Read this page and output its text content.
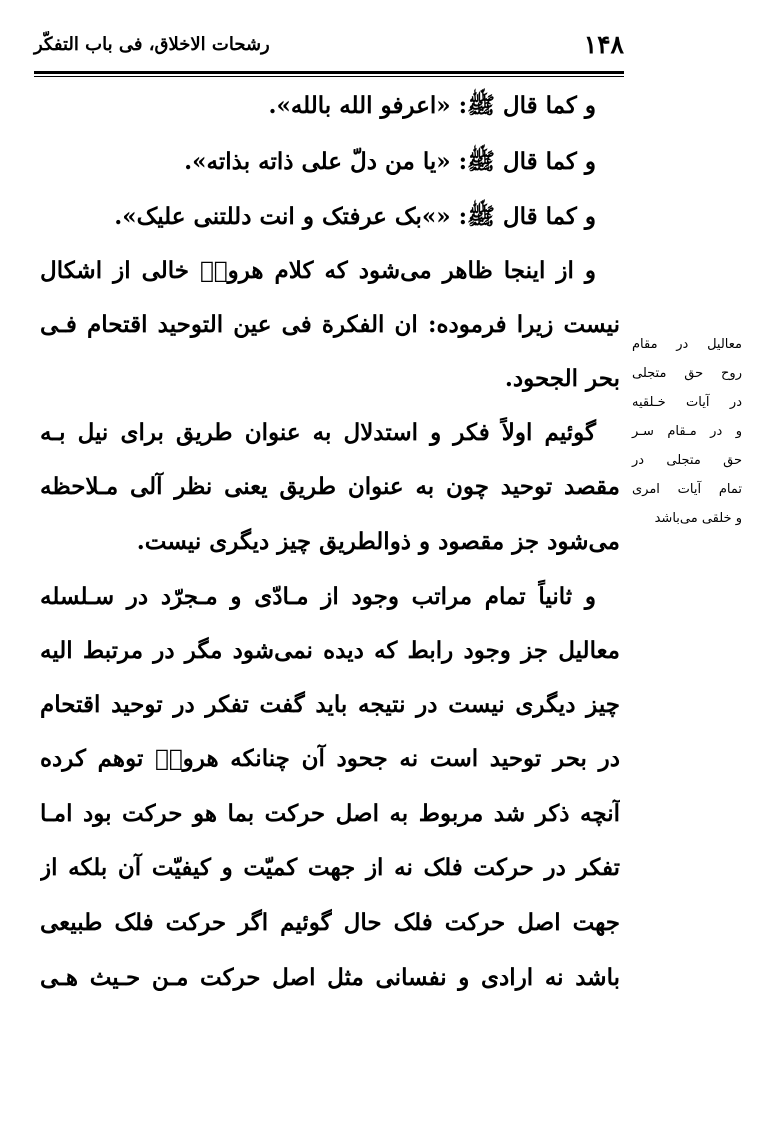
۱۴۸
رشحات الاخلاق، فی باب التفکّر
و کما قال ﷺ: «اعرفو الله بالله».
و کما قال ﷺ: «یا من دلّ علی ذاته بذاته».
و کما قال ﷺ: «»بک عرفتک و انت دللتنی علیک».
و از اینجا ظاهر می‌شود که کلام هرویؒ خالی از اشکال
نیست زیرا فرموده: ان الفکرة فی عین التوحید اقتحام فـی
بحر الجحود.
گوئیم اولاً فکر و استدلال به عنوان طریق برای نیل بـه
مقصد توحید چون به عنوان طریق یعنی نظر آلی مـلاحظه
می‌شود جز مقصود و ذوالطریق چیز دیگری نیست.
و ثانیاً تمام مراتب وجود از مـادّی و مـجرّد در سـلسله
معالیل جز وجود رابط که دیده نمی‌شود مگر در مرتبط الیه
چیز دیگری نیست در نتیجه باید گفت تفکر در توحید اقتحام
در بحر توحید است نه جحود آن چنانکه هرویؒ توهم کرده
آنچه ذکر شد مربوط به اصل حرکت بما هو حرکت بود امـا
تفکر در حرکت فلک نه از جهت کمیّت و کیفیّت آن بلکه از
جهت اصل حرکت فلک حال گوئیم اگر حرکت فلک طبیعی
باشد نه ارادی و نفسانی مثل اصل حرکت مـن حـیث هـی
معالیل در مقام
روح حق متجلی
در آیات خـلقیه
و در مـقام سـر
حق متجلی در
تمام آیات امری
و خلقی می‌باشد
